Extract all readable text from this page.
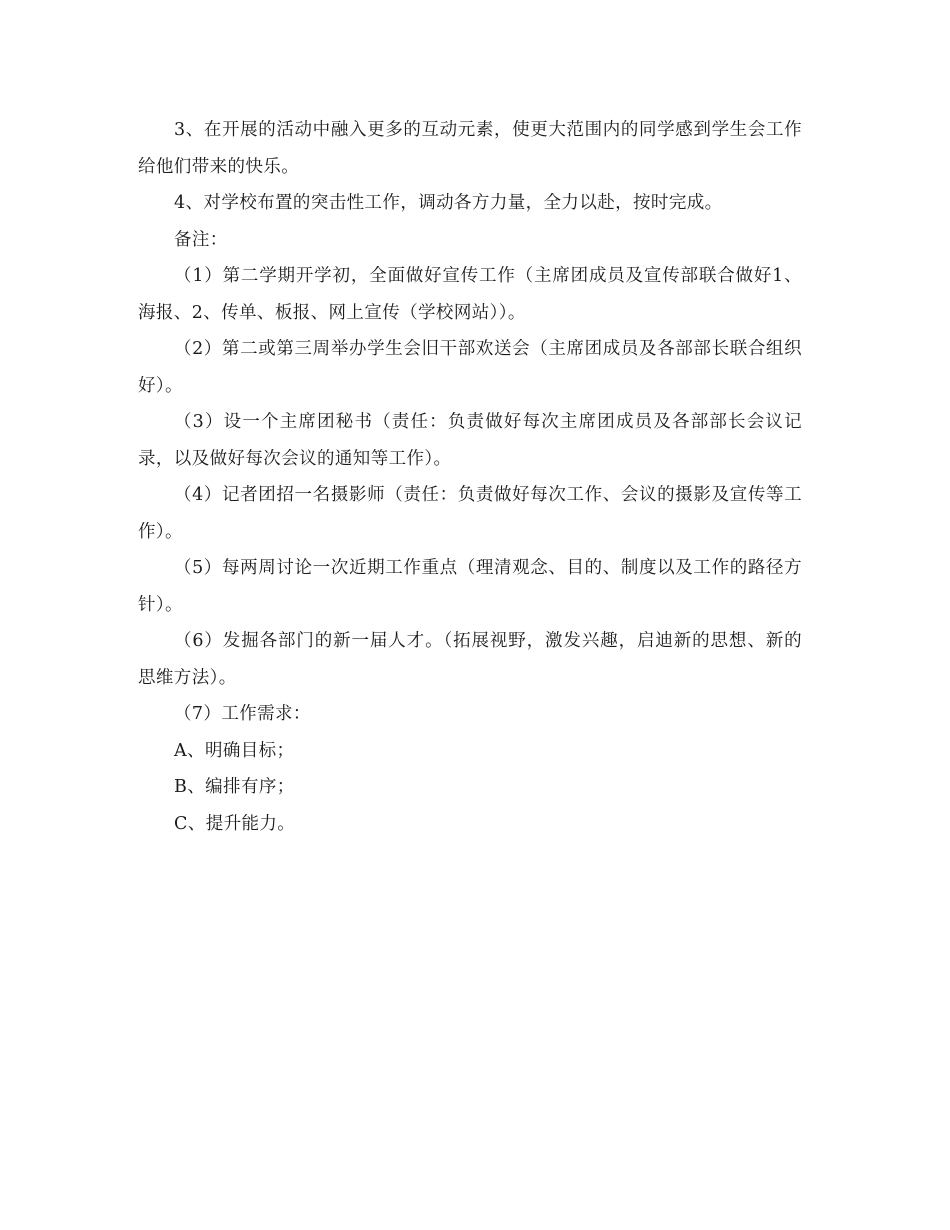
3、在开展的活动中融入更多的互动元素，使更大范围内的同学感到学生会工作给他们带来的快乐。

4、对学校布置的突击性工作，调动各方力量，全力以赴，按时完成。

备注：

（1）第二学期开学初，全面做好宣传工作（主席团成员及宣传部联合做好1、海报、2、传单、板报、网上宣传（学校网站））。

（2）第二或第三周举办学生会旧干部欢送会（主席团成员及各部部长联合组织好）。

（3）设一个主席团秘书（责任：负责做好每次主席团成员及各部部长会议记录，以及做好每次会议的通知等工作）。

（4）记者团招一名摄影师（责任：负责做好每次工作、会议的摄影及宣传等工作）。

（5）每两周讨论一次近期工作重点（理清观念、目的、制度以及工作的路径方针）。

（6）发掘各部门的新一届人才。（拓展视野，激发兴趣，启迪新的思想、新的思维方法）。

（7）工作需求：

A、明确目标；

B、编排有序；

C、提升能力。
